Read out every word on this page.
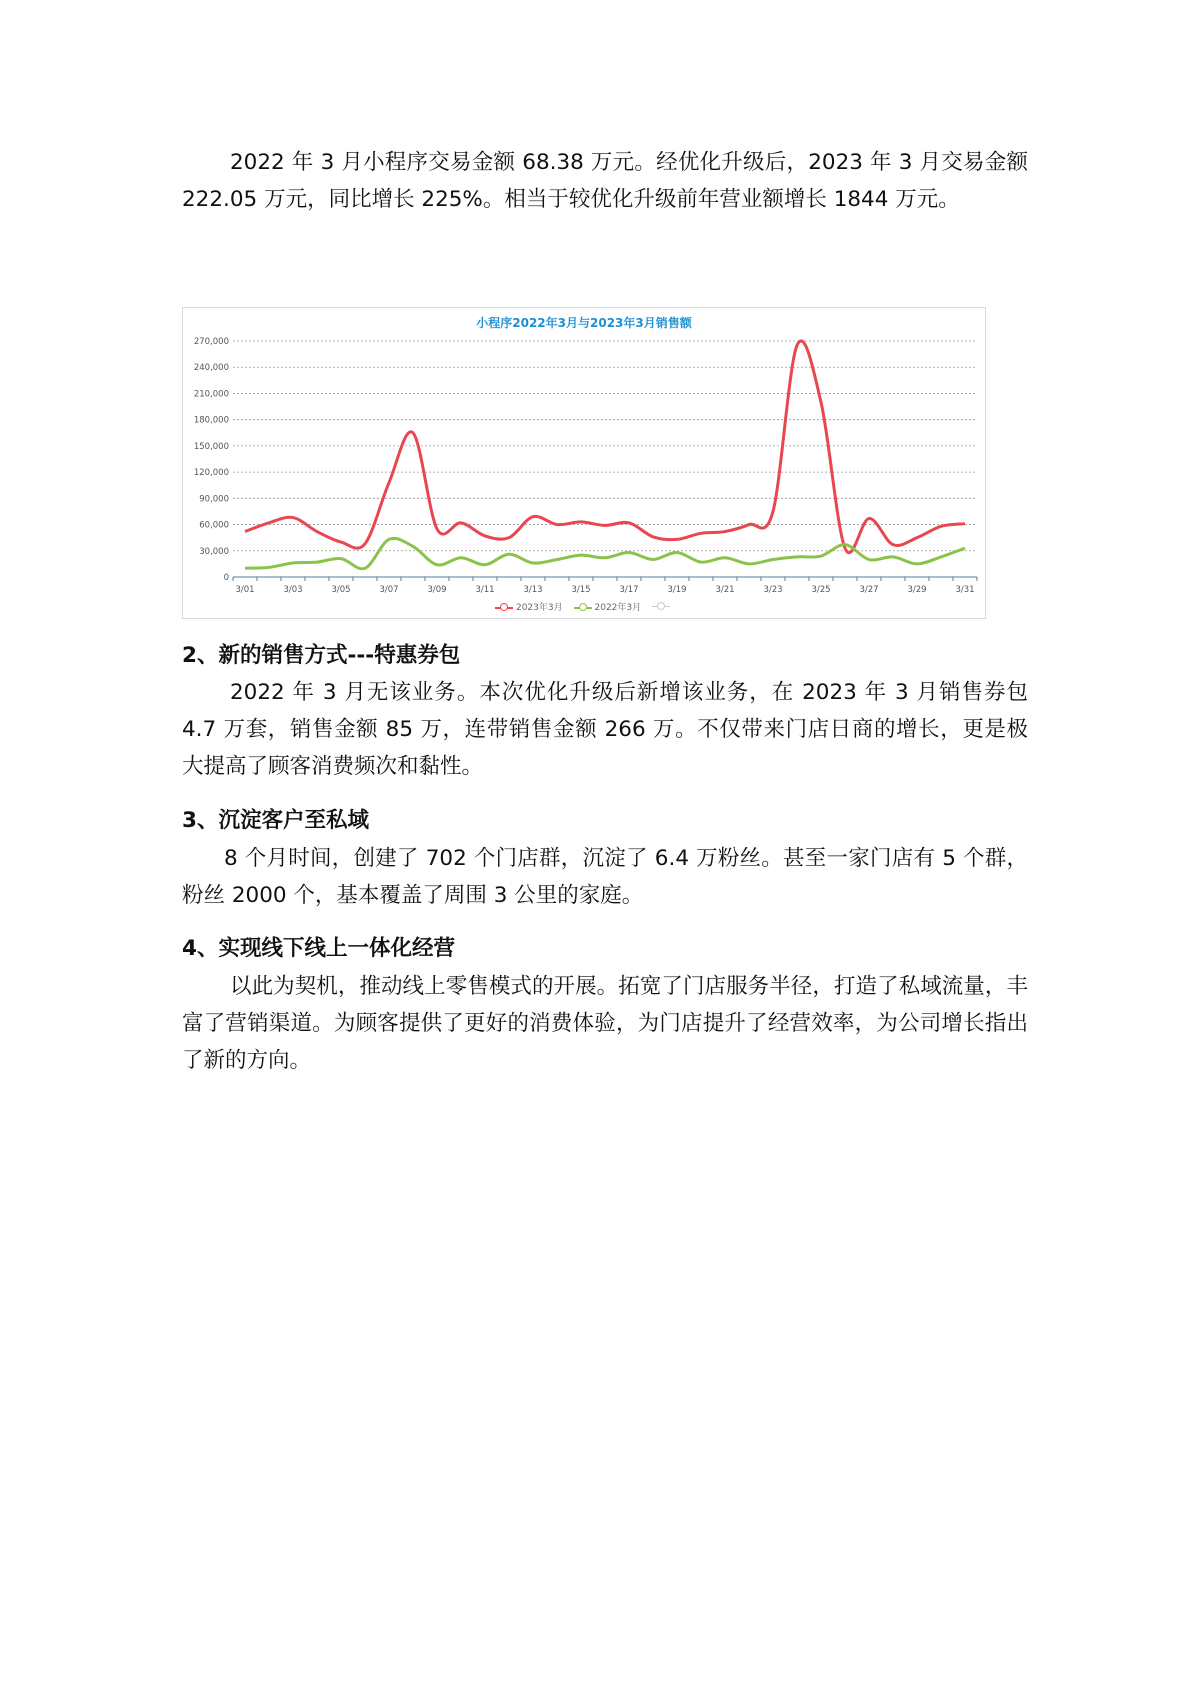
2022 年 3 月小程序交易金额 68.38 万元。经优化升级后，2023 年 3 月交易金额 222.05 万元，同比增长 225%。相当于较优化升级前年营业额增长 1844 万元。

小程序2022年3月与2023年3月销售额
0
30,000
60,000
90,000
120,000
150,000
180,000
210,000
240,000
270,000
3/01	3/03	3/05	3/07	3/09	3/11	3/13	3/15	3/17	3/19	3/21	3/23	3/25	3/27	3/29	3/31
2023年3月	2022年3月
2、新的销售方式---特惠券包

2022 年 3 月无该业务。本次优化升级后新增该业务，在 2023 年 3 月销售券包 4.7 万套，销售金额 85 万，连带销售金额 266 万。不仅带来门店日商的增长，更是极大提高了顾客消费频次和黏性。

3、沉淀客户至私域

8 个月时间，创建了 702 个门店群，沉淀了 6.4 万粉丝。甚至一家门店有 5 个群，粉丝 2000 个，基本覆盖了周围 3 公里的家庭。

4、实现线下线上一体化经营

以此为契机，推动线上零售模式的开展。拓宽了门店服务半径，打造了私域流量，丰富了营销渠道。为顾客提供了更好的消费体验，为门店提升了经营效率，为公司增长指出了新的方向。
